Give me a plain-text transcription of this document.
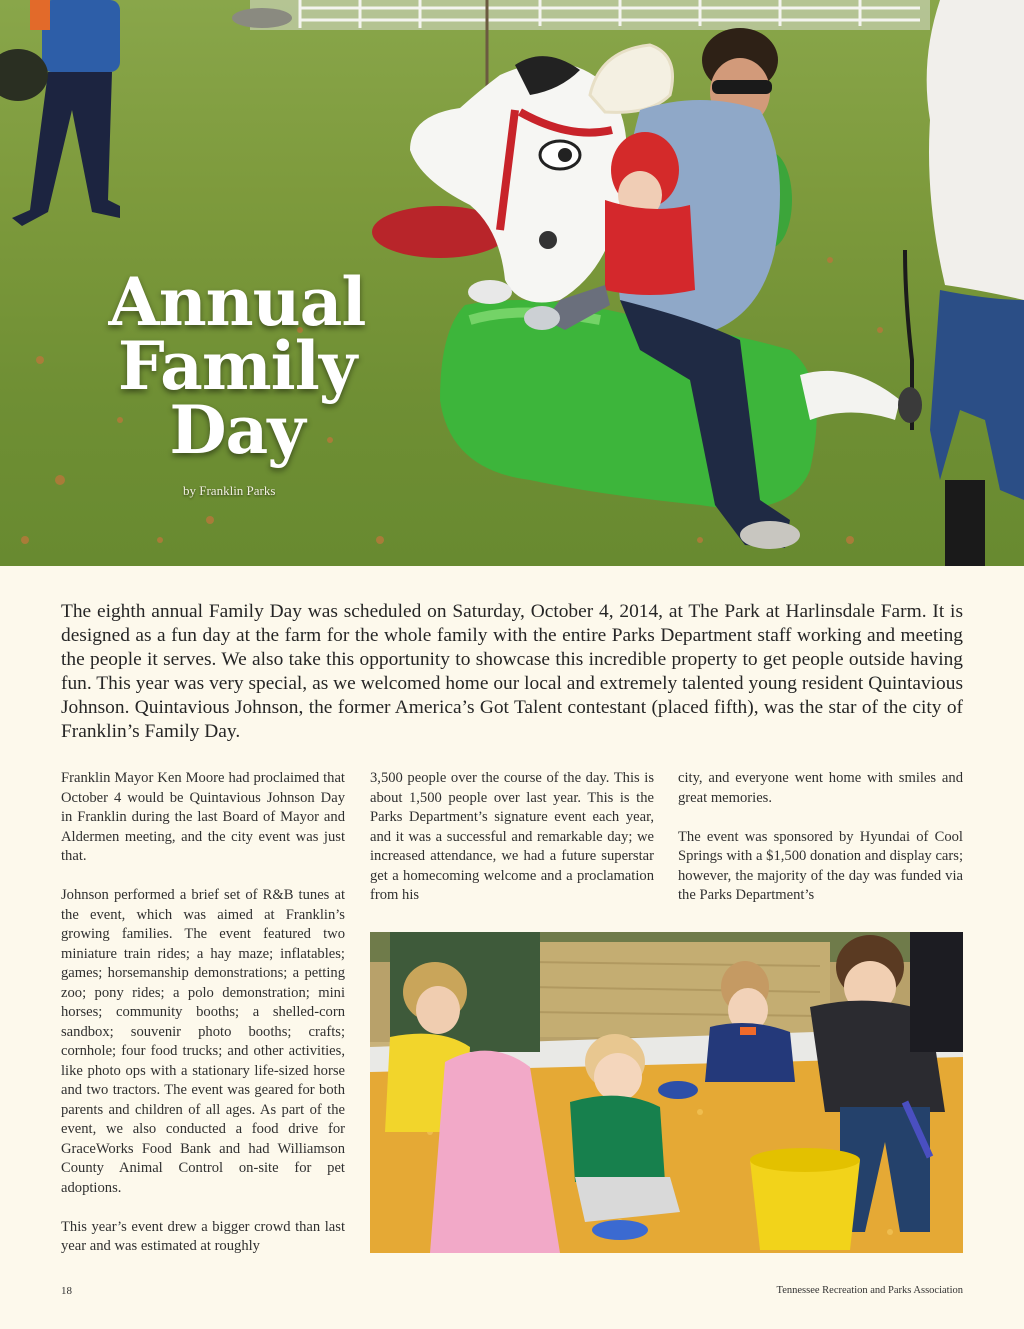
Annual
Family
Day
by Franklin Parks

The eighth annual Family Day was scheduled on Saturday, October 4, 2014, at The Park at Harlinsdale Farm. It is designed as a fun day at the farm for the whole family with the entire Parks Department staff working and meeting the people it serves. We also take this opportunity to showcase this incredible property to get people outside having fun. This year was very special, as we welcomed home our local and extremely talented young resident Quintavious Johnson. Quintavious Johnson, the former America’s Got Talent contestant (placed fifth), was the star of the city of Franklin’s Family Day.

Franklin Mayor Ken Moore had proclaimed that October 4 would be Quintavious Johnson Day in Franklin during the last Board of Mayor and Aldermen meeting, and the city event was just that.

Johnson performed a brief set of R&B tunes at the event, which was aimed at Franklin’s growing families. The event featured two miniature train rides; a hay maze; inflatables; games; horsemanship demonstrations; a petting zoo; pony rides; a polo demonstration; mini horses; community booths; a shelled-corn sandbox; souvenir photo booths; crafts; cornhole; four food trucks; and other activities, like photo ops with a stationary life-sized horse and two tractors. The event was geared for both parents and children of all ages. As part of the event, we also conducted a food drive for GraceWorks Food Bank and had Williamson County Animal Control on-site for pet adoptions.

This year’s event drew a bigger crowd than last year and was estimated at roughly

3,500 people over the course of the day. This is about 1,500 people over last year. This is the Parks Department’s signature event each year, and it was a successful and remarkable day; we increased attendance, we had a future superstar get a homecoming welcome and a proclamation from his

city, and everyone went home with smiles and great memories.

The event was sponsored by Hyundai of Cool Springs with a $1,500 donation and display cars; however, the majority of the day was funded via the Parks Department’s

18	Tennessee Recreation and Parks Association
